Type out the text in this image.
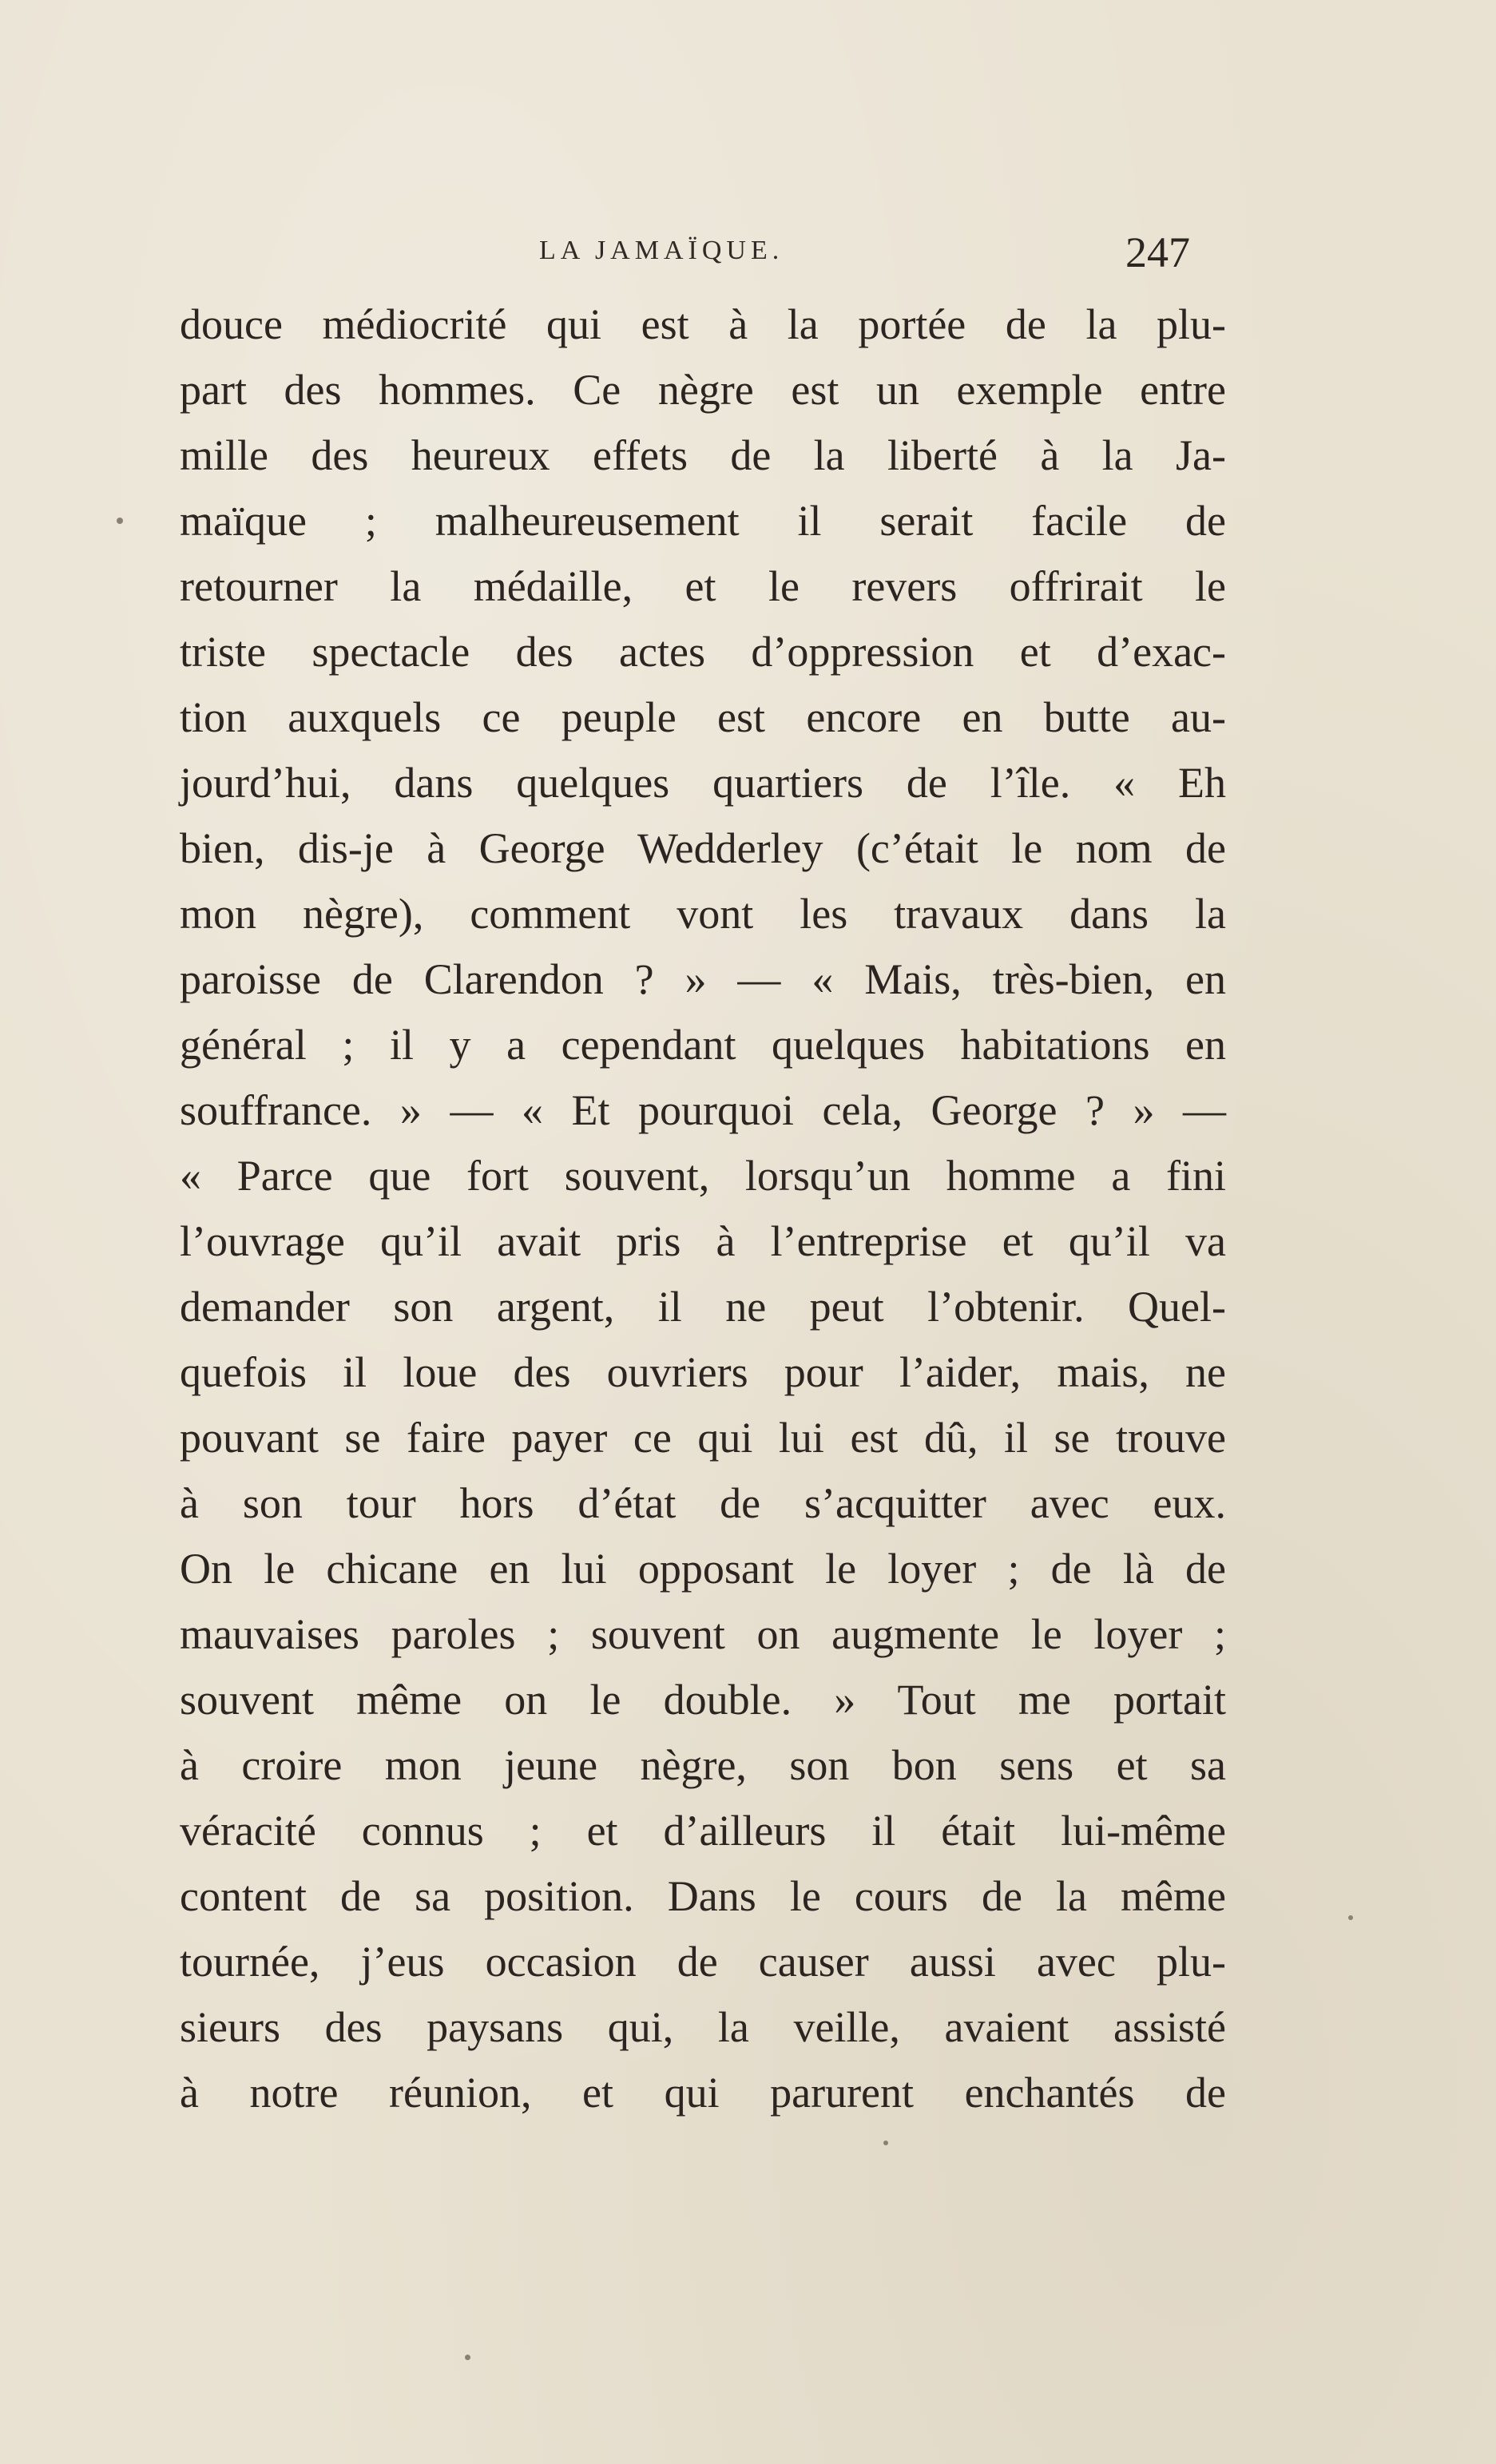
LA JAMAÏQUE.	247
douce médiocrité qui est à la portée de la plu-
part des hommes. Ce nègre est un exemple entre
mille des heureux effets de la liberté à la Ja-
maïque ; malheureusement il serait facile de
retourner la médaille, et le revers offrirait le
triste spectacle des actes d’oppression et d’exac-
tion auxquels ce peuple est encore en butte au-
jourd’hui, dans quelques quartiers de l’île. « Eh
bien, dis-je à George Wedderley (c’était le nom de
mon nègre), comment vont les travaux dans la
paroisse de Clarendon ? » — « Mais, très-bien, en
général ; il y a cependant quelques habitations en
souffrance. » — « Et pourquoi cela, George ? » —
« Parce que fort souvent, lorsqu’un homme a fini
l’ouvrage qu’il avait pris à l’entreprise et qu’il va
demander son argent, il ne peut l’obtenir. Quel-
quefois il loue des ouvriers pour l’aider, mais, ne
pouvant se faire payer ce qui lui est dû, il se trouve
à son tour hors d’état de s’acquitter avec eux.
On le chicane en lui opposant le loyer ; de là de
mauvaises paroles ; souvent on augmente le loyer ;
souvent même on le double. » Tout me portait
à croire mon jeune nègre, son bon sens et sa
véracité connus ; et d’ailleurs il était lui-même
content de sa position. Dans le cours de la même
tournée, j’eus occasion de causer aussi avec plu-
sieurs des paysans qui, la veille, avaient assisté
à notre réunion, et qui parurent enchantés de
